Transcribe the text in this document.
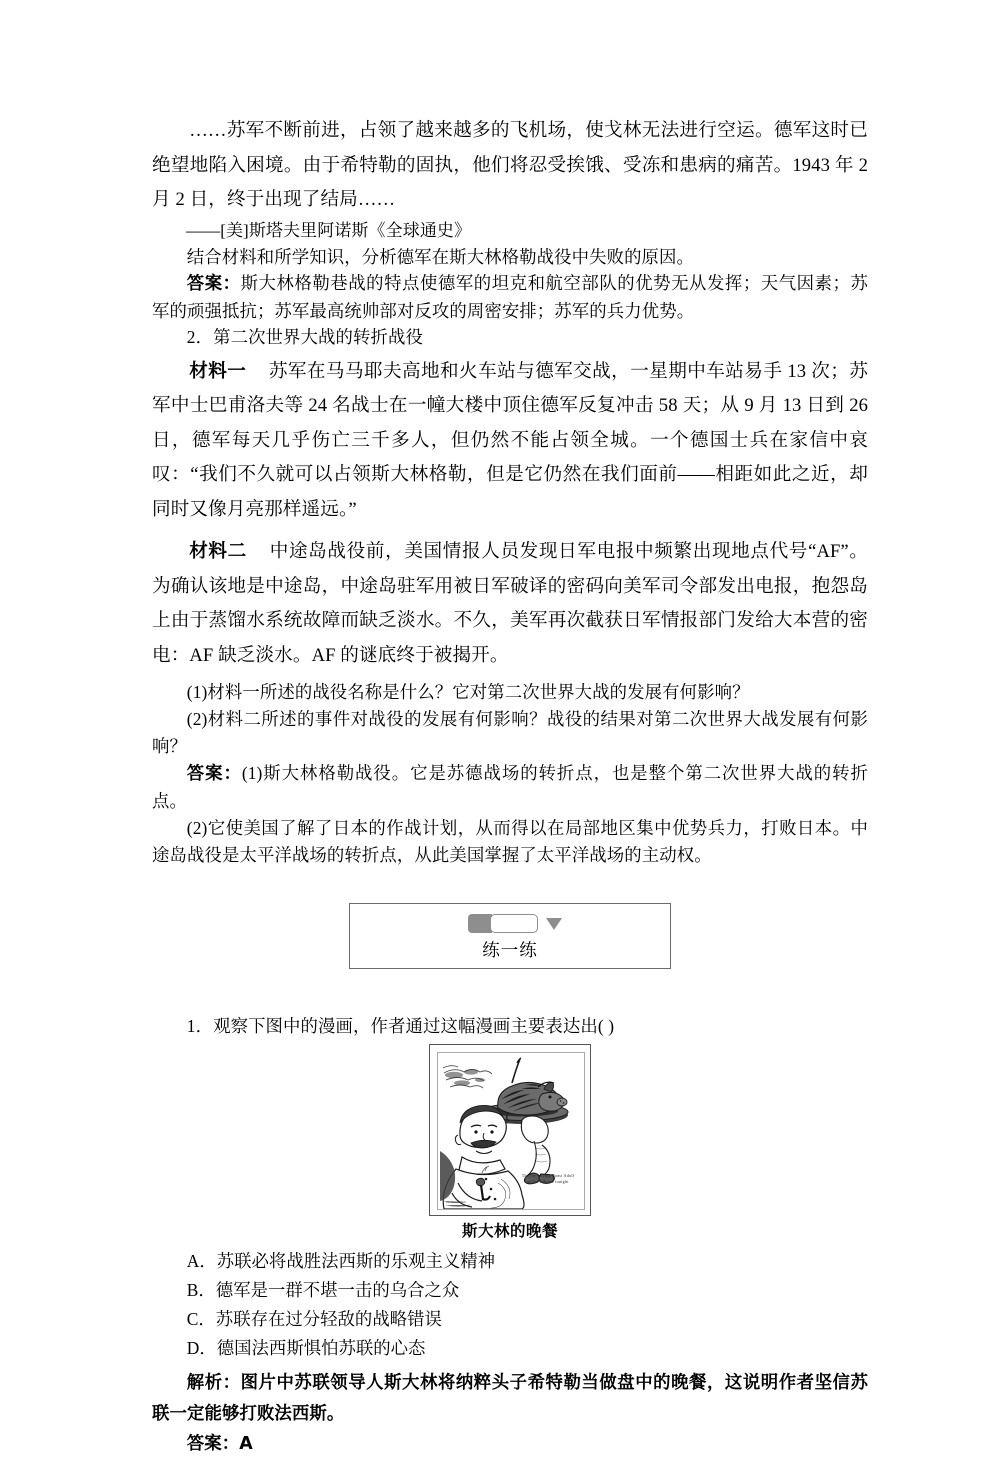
……苏军不断前进，占领了越来越多的飞机场，使戈林无法进行空运。德军这时已绝望地陷入困境。由于希特勒的固执，他们将忍受挨饿、受冻和患病的痛苦。1943 年 2 月 2 日，终于出现了结局……
——[美]斯塔夫里阿诺斯《全球通史》
结合材料和所学知识，分析德军在斯大林格勒战役中失败的原因。
答案：斯大林格勒巷战的特点使德军的坦克和航空部队的优势无从发挥；天气因素；苏军的顽强抵抗；苏军最高统帅部对反攻的周密安排；苏军的兵力优势。
2．第二次世界大战的转折战役
材料一 苏军在马马耶夫高地和火车站与德军交战，一星期中车站易手 13 次；苏军中士巴甫洛夫等 24 名战士在一幢大楼中顶住德军反复冲击 58 天；从 9 月 13 日到 26 日，德军每天几乎伤亡三千多人，但仍然不能占领全城。一个德国士兵在家信中哀叹：“我们不久就可以占领斯大林格勒，但是它仍然在我们面前——相距如此之近，却同时又像月亮那样遥远。”
材料二 中途岛战役前，美国情报人员发现日军电报中频繁出现地点代号“AF”。为确认该地是中途岛，中途岛驻军用被日军破译的密码向美军司令部发出电报，抱怨岛上由于蒸馏水系统故障而缺乏淡水。不久，美军再次截获日军情报部门发给大本营的密电：AF 缺乏淡水。AF 的谜底终于被揭开。
(1)材料一所述的战役名称是什么？它对第二次世界大战的发展有何影响？
(2)材料二所述的事件对战役的发展有何影响？战役的结果对第二次世界大战发展有何影响？
答案：(1)斯大林格勒战役。它是苏德战场的转折点，也是整个第二次世界大战的转折点。
(2)它使美国了解了日本的作战计划，从而得以在局部地区集中优势兵力，打败日本。中途岛战役是太平洋战场的转折点，从此美国掌握了太平洋战场的主动权。
练一练
1．观察下图中的漫画，作者通过这幅漫画主要表达出( )
They're serving Roast Adolf
at Joe's House tonight
Dr. Seuss 1941
斯大林的晚餐
A．苏联必将战胜法西斯的乐观主义精神
B．德军是一群不堪一击的乌合之众
C．苏联存在过分轻敌的战略错误
D．德国法西斯惧怕苏联的心态
解析：图片中苏联领导人斯大林将纳粹头子希特勒当做盘中的晚餐，这说明作者坚信苏联一定能够打败法西斯。
答案：A
